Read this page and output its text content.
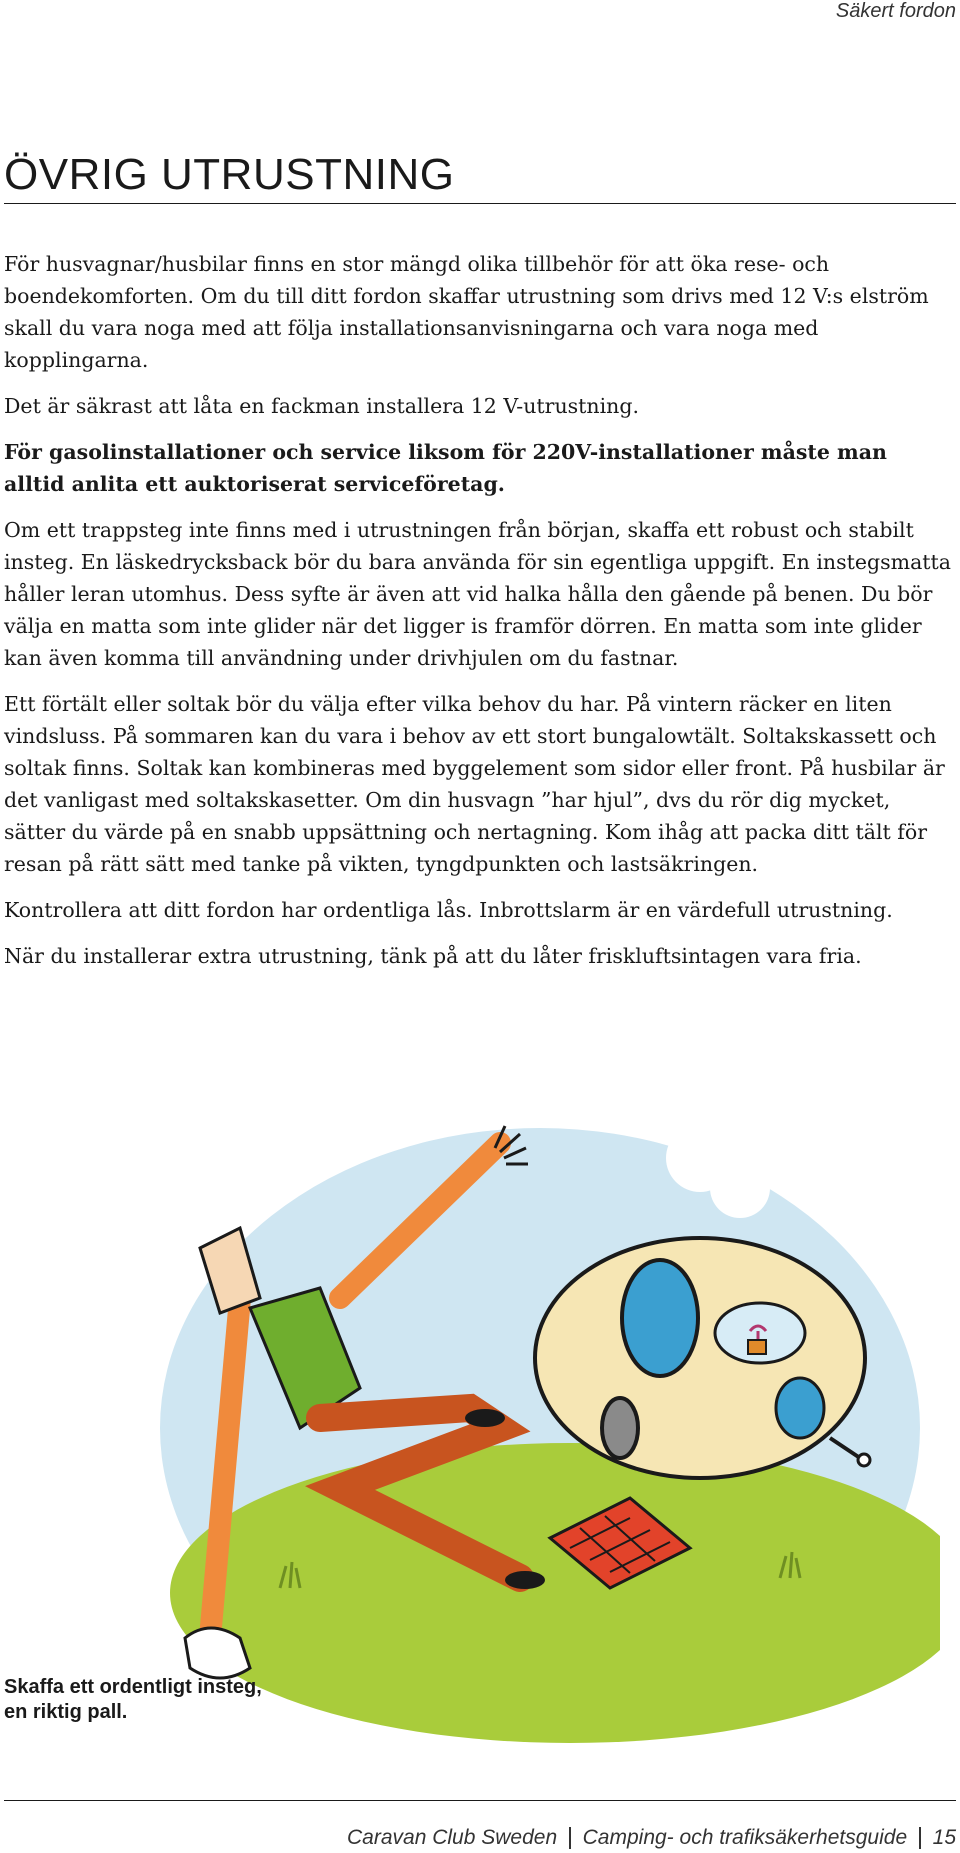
Säkert fordon
ÖVRIG UTRUSTNING

För husvagnar/husbilar finns en stor mängd olika tillbehör för att öka rese- och boendekomforten. Om du till ditt fordon skaffar utrustning som drivs med 12 V:s elström skall du vara noga med att följa installationsanvisningarna och vara noga med kopplingarna.

Det är säkrast att låta en fackman installera 12 V-utrustning.

För gasolinstallationer och service liksom för 220V-installationer måste man alltid anlita ett auktoriserat serviceföretag.

Om ett trappsteg inte finns med i utrustningen från början, skaffa ett robust och stabilt insteg. En läskedrycksback bör du bara använda för sin egentliga uppgift. En instegsmatta håller leran utomhus. Dess syfte är även att vid halka hålla den gående på benen. Du bör välja en matta som inte glider när det ligger is framför dörren. En matta som inte glider kan även komma till användning under drivhjulen om du fastnar.

Ett förtält eller soltak bör du välja efter vilka behov du har. På vintern räcker en liten vindsluss. På sommaren kan du vara i behov av ett stort bungalowtält. Soltakskassett och soltak finns. Soltak kan kombineras med byggelement som sidor eller front. På husbilar är det vanligast med soltakskasetter. Om din husvagn ”har hjul”, dvs du rör dig mycket, sätter du värde på en snabb uppsättning och nertagning. Kom ihåg att packa ditt tält för resan på rätt sätt med tanke på vikten, tyngdpunkten och lastsäkringen.

Kontrollera att ditt fordon har ordentliga lås. Inbrottslarm är en värdefull utrustning.

När du installerar extra utrustning, tänk på att du låter friskluftsintagen vara fria.

Skaffa ett ordentligt insteg, en riktig pall.
Caravan Club Sweden Camping- och trafiksäkerhetsguide 15
